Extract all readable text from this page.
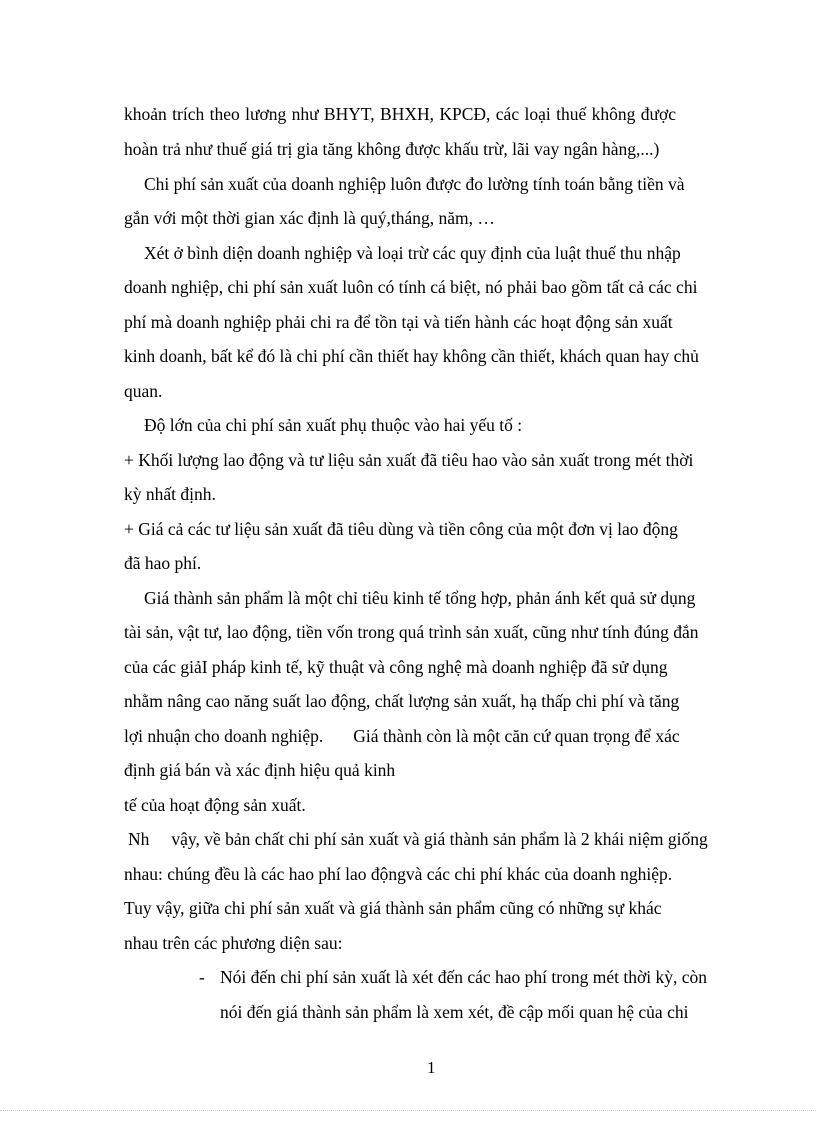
khoản trích theo lương như BHYT, BHXH, KPCĐ, các loại thuế không được
hoàn trả như thuế giá trị gia tăng không được khấu trừ, lãi vay ngân hàng,...)
Chi phí sản xuất của doanh nghiệp luôn được đo lường tính toán bằng tiền và
gắn với một thời gian xác định là quý,tháng, năm, …
Xét ở bình diện doanh nghiệp và loại trừ các quy định của luật thuế thu nhập
doanh nghiệp, chi phí sản xuất luôn có tính cá biệt, nó phải bao gồm tất cả các chi
phí mà doanh nghiệp phải chi ra để tồn tại và tiến hành các hoạt động sản xuất
kinh doanh, bất kể đó là chi phí cần thiết hay không cần thiết, khách quan hay chủ
quan.
Độ lớn của chi phí sản xuất phụ thuộc vào hai yếu tố :
+ Khối lượng lao động và tư liệu sản xuất đã tiêu hao vào sản xuất trong mét thời
kỳ nhất định.
+ Giá cả các tư liệu sản xuất đã tiêu dùng và tiền công của một đơn vị lao động
đã hao phí.
Giá thành sản phẩm là một chỉ tiêu kinh tế tổng hợp, phản ánh kết quả sử dụng
tài sản, vật tư, lao động, tiền vốn trong quá trình sản xuất, cũng như tính đúng đắn
của các giảI pháp kinh tế, kỹ thuật và công nghệ mà doanh nghiệp đã sử dụng
nhằm nâng cao năng suất lao động, chất lượng sản xuất, hạ thấp chi phí và tăng
lợi nhuận cho doanh nghiệp. Giá thành còn là một căn cứ quan trọng để xác
định giá bán và xác định hiệu quả kinh
tế của hoạt động sản xuất.
Nh vậy, về bản chất chi phí sản xuất và giá thành sản phẩm là 2 khái niệm giống
nhau: chúng đều là các hao phí lao độngvà các chi phí khác của doanh nghiệp.
Tuy vậy, giữa chi phí sản xuất và giá thành sản phẩm cũng có những sự khác
nhau trên các phương diện sau:
- Nói đến chi phí sản xuất là xét đến các hao phí trong mét thời kỳ, còn
nói đến giá thành sản phẩm là xem xét, đề cập mối quan hệ của chi
1
